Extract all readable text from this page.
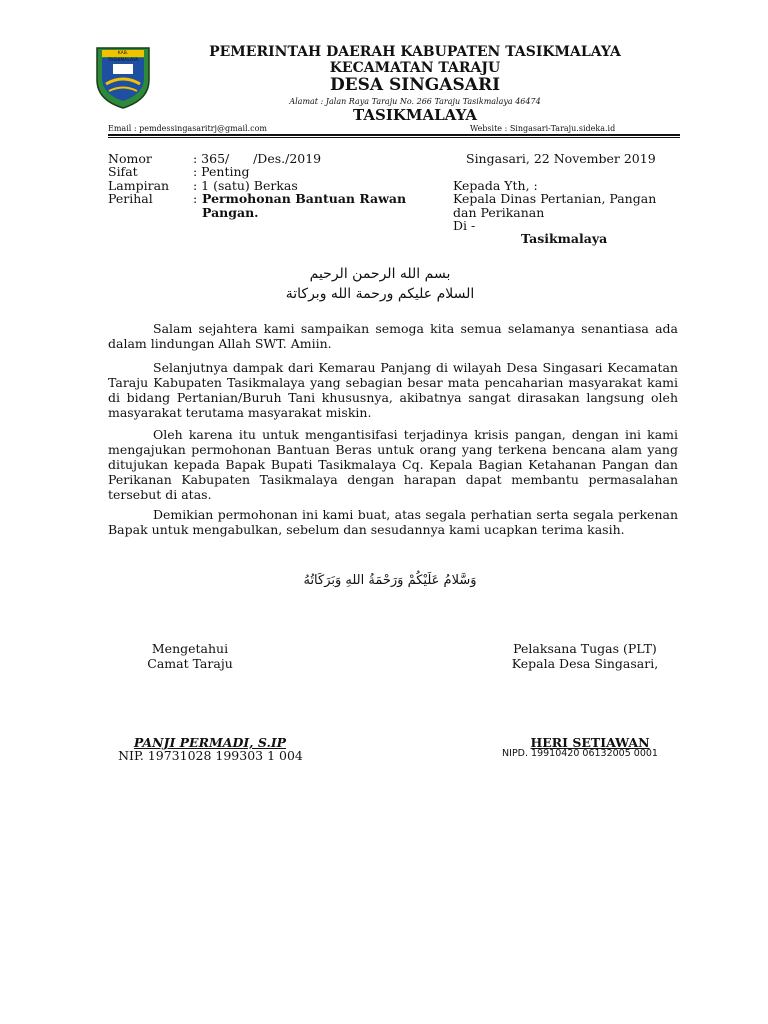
KAB. TASIKMALAYA
PEMERINTAH DAERAH KABUPATEN TASIKMALAYA
KECAMATAN TARAJU
DESA SINGASARI
Alamat : Jalan Raya Taraju No. 266 Taraju Tasikmalaya 46474
TASIKMALAYA
Email : pemdessingasaritrj@gmail.com	Website : Singasari-Taraju.sideka.id
Nomor	: 365/      /Des./2019
Sifat	: Penting
Lampiran : 1 (satu) Berkas
Perihal	: Permohonan Bantuan Rawan
Pangan.
Singasari, 22 November 2019
Kepada Yth, :
Kepala Dinas Pertanian, Pangan
dan Perikanan
Di -
Tasikmalaya
بسم الله الرحمن الرحيم
السلام عليكم ورحمة الله وبركاتة
Salam sejahtera kami sampaikan semoga kita semua selamanya senantiasa ada dalam lindungan Allah SWT. Amiin.
Selanjutnya dampak dari Kemarau Panjang di wilayah Desa Singasari Kecamatan Taraju Kabupaten Tasikmalaya yang sebagian besar mata pencaharian masyarakat kami di bidang Pertanian/Buruh Tani khususnya, akibatnya sangat dirasakan langsung oleh masyarakat terutama masyarakat miskin.
Oleh karena itu untuk mengantisifasi terjadinya krisis pangan, dengan ini kami mengajukan permohonan Bantuan Beras untuk orang yang terkena bencana alam yang ditujukan kepada Bapak Bupati Tasikmalaya Cq. Kepala Bagian Ketahanan Pangan dan Perikanan Kabupaten Tasikmalaya dengan harapan dapat membantu permasalahan tersebut di atas.
Demikian permohonan ini kami buat, atas segala perhatian serta segala perkenan Bapak untuk mengabulkan, sebelum dan sesudannya kami ucapkan terima kasih.
وَسَّلامُ عَلَيْكُمْ وَرَحْمَةُ اللهِ وَبَرَكَاتُهُ
Mengetahui
Camat Taraju
PANJI PERMADI, S.IP
NIP. 19731028 199303 1 004
Pelaksana Tugas (PLT)
Kepala Desa Singasari,
HERI SETIAWAN
NIPD. 19910420 06132005 0001
